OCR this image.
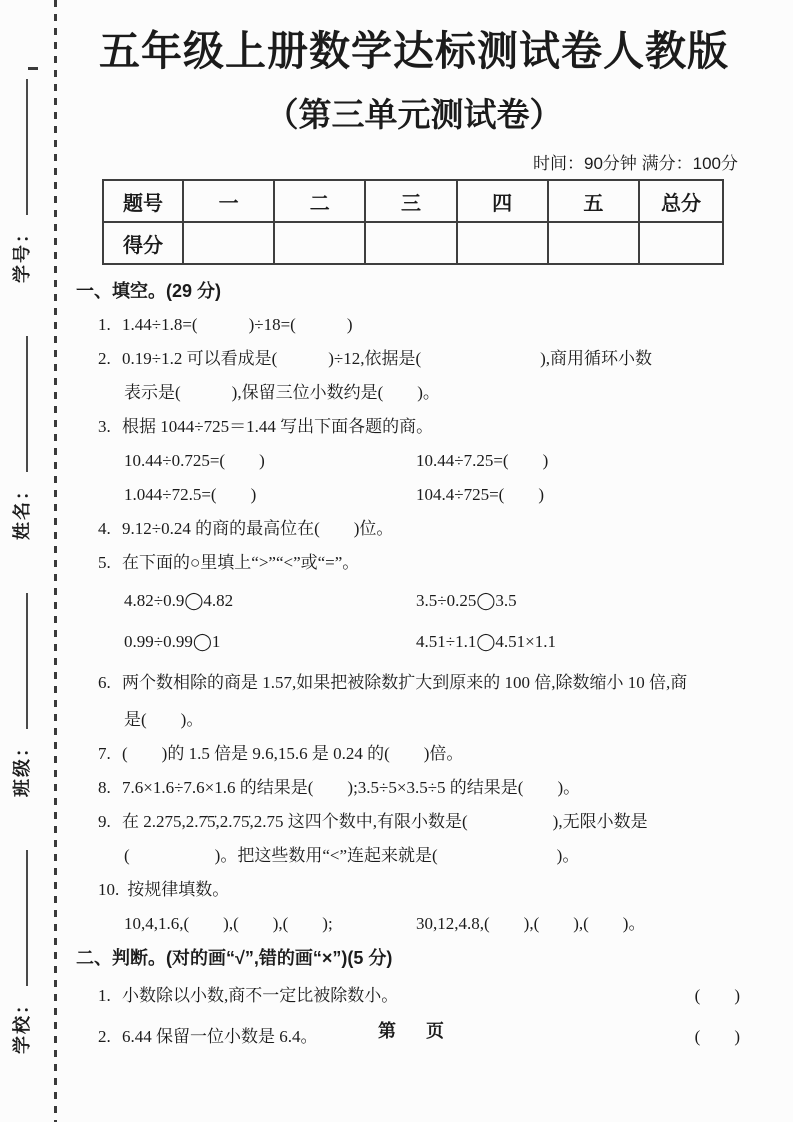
学校： 班级： 姓名： 学号：
五年级上册数学达标测试卷人教版
（第三单元测试卷）
时间：90分钟 满分：100分
题号	一	二	三	四	五	总分
得分						
一、填空。(29 分)
1. 1.44÷1.8=(　　　)÷18=(　　　)
2. 0.19÷1.2 可以看成是(　　　)÷12,依据是(　　　　　　　),商用循环小数
表示是(　　　),保留三位小数约是(　　)。
3. 根据 1044÷725＝1.44 写出下面各题的商。
10.44÷0.725=(　　)	10.44÷7.25=(　　)
1.044÷72.5=(　　)	104.4÷725=(　　)
4. 9.12÷0.24 的商的最高位在(　　)位。
5. 在下面的○里填上“>”“<”或“=”。
4.82÷0.9◯4.82	3.5÷0.25◯3.5
0.99÷0.99◯1	4.51÷1.1◯4.51×1.1
6. 两个数相除的商是 1.57,如果把被除数扩大到原来的 100 倍,除数缩小 10 倍,商
是(　　)。
7. (　　)的 1.5 倍是 9.6,15.6 是 0.24 的(　　)倍。
8. 7.6×1.6÷7.6×1.6 的结果是(　　);3.5÷5×3.5÷5 的结果是(　　)。
9. 在 2.275,2.7̇5̇,2.75̇,2.75 这四个数中,有限小数是(　　　　　),无限小数是
(　　　　　)。把这些数用“<”连起来就是(　　　　　　　)。
10. 按规律填数。
10,4,1.6,(　　),(　　),(　　);	30,12,4.8,(　　),(　　),(　　)。
二、判断。(对的画“√”,错的画“×”)(5 分)
1. 小数除以小数,商不一定比被除数小。	(　　)
2. 6.44 保留一位小数是 6.4。	(　　)
第　页
